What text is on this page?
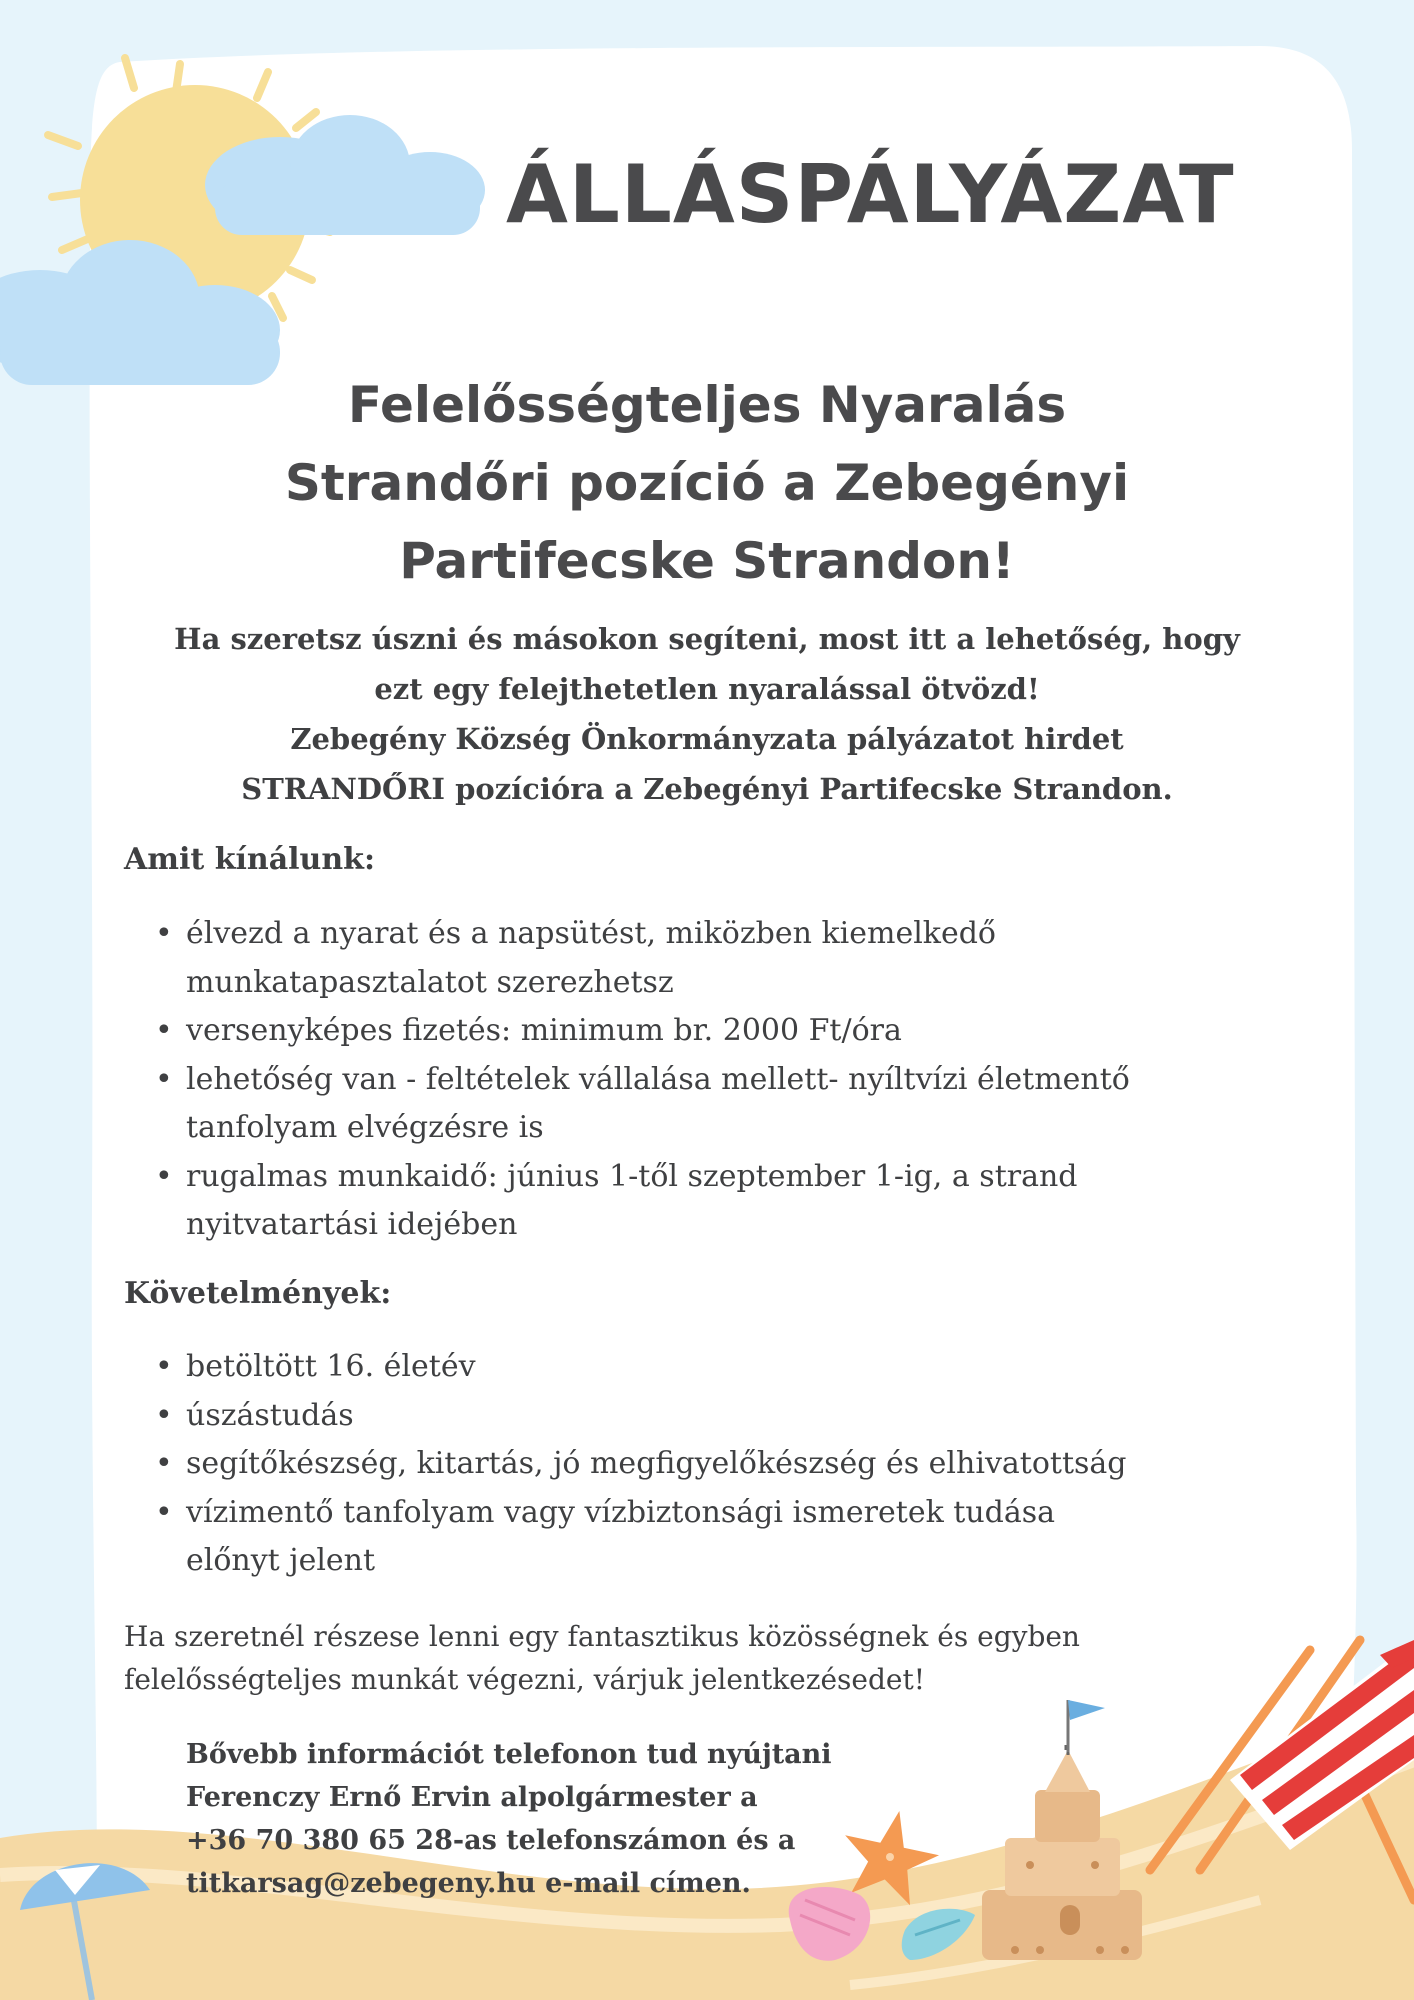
ÁLLÁSPÁLYÁZAT
Felelősségteljes Nyaralás
Strandőri pozíció a Zebegényi
Partifecske Strandon!

Ha szeretsz úszni és másokon segíteni, most itt a lehetőség, hogy
ezt egy felejthetetlen nyaralással ötvözd!
Zebegény Község Önkormányzata pályázatot hirdet
STRANDŐRI pozícióra a Zebegényi Partifecske Strandon.

Amit kínálunk:
• élvezd a nyarat és a napsütést, miközben kiemelkedő
munkatapasztalatot szerezhetsz
• versenyképes fizetés: minimum br. 2000 Ft/óra
• lehetőség van - feltételek vállalása mellett- nyíltvízi életmentő
tanfolyam elvégzésre is
• rugalmas munkaidő: június 1-től szeptember 1-ig, a strand
nyitvatartási idejében
Követelmények:
• betöltött 16. életév
• úszástudás
• segítőkészség, kitartás, jó megfigyelőkészség és elhivatottság
• vízimentő tanfolyam vagy vízbiztonsági ismeretek tudása
előnyt jelent

Ha szeretnél részese lenni egy fantasztikus közösségnek és egyben
felelősségteljes munkát végezni, várjuk jelentkezésedet!

Bővebb információt telefonon tud nyújtani
Ferenczy Ernő Ervin alpolgármester a
+36 70 380 65 28-as telefonszámon és a
titkarsag@zebegeny.hu e-mail címen.
